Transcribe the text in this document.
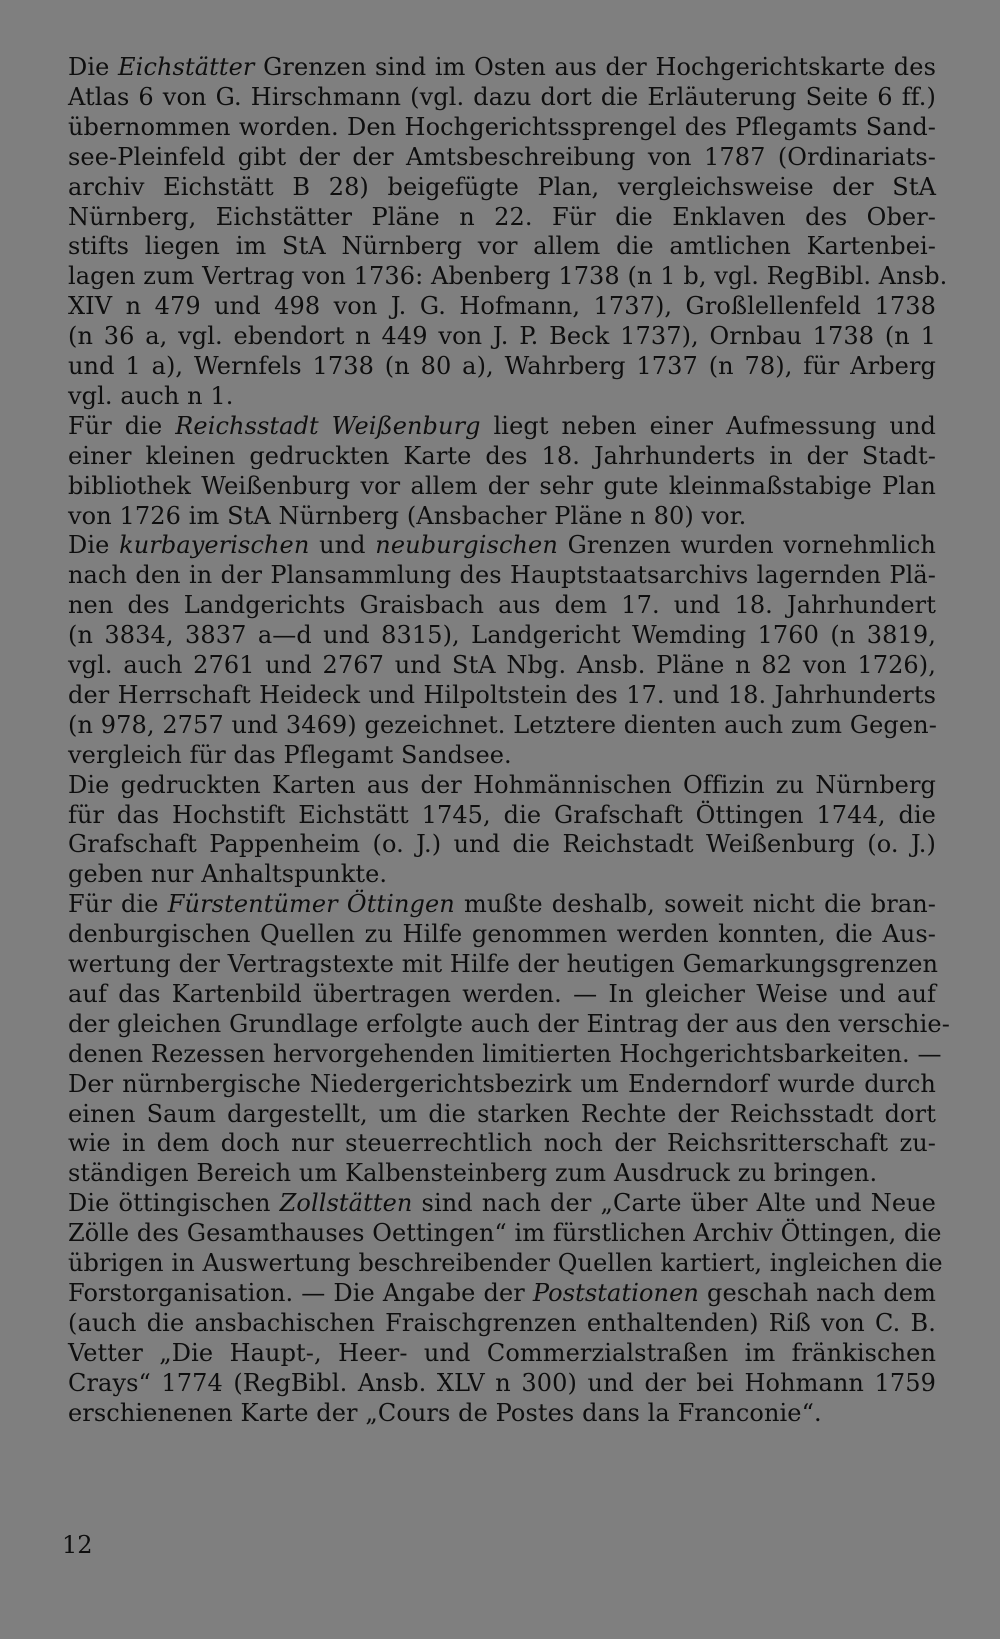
Die Eichstätter Grenzen sind im Osten aus der Hochgerichtskarte des
Atlas 6 von G. Hirschmann (vgl. dazu dort die Erläuterung Seite 6 ff.)
übernommen worden. Den Hochgerichtssprengel des Pflegamts Sand-
see-Pleinfeld gibt der der Amtsbeschreibung von 1787 (Ordinariats-
archiv Eichstätt B 28) beigefügte Plan, vergleichsweise der StA
Nürnberg, Eichstätter Pläne n 22. Für die Enklaven des Ober-
stifts liegen im StA Nürnberg vor allem die amtlichen Kartenbei-
lagen zum Vertrag von 1736: Abenberg 1738 (n 1 b, vgl. RegBibl. Ansb.
XIV n 479 und 498 von J. G. Hofmann, 1737), Großlellenfeld 1738
(n 36 a, vgl. ebendort n 449 von J. P. Beck 1737), Ornbau 1738 (n 1
und 1 a), Wernfels 1738 (n 80 a), Wahrberg 1737 (n 78), für Arberg
vgl. auch n 1.
Für die Reichsstadt Weißenburg liegt neben einer Aufmessung und
einer kleinen gedruckten Karte des 18. Jahrhunderts in der Stadt-
bibliothek Weißenburg vor allem der sehr gute kleinmaßstabige Plan
von 1726 im StA Nürnberg (Ansbacher Pläne n 80) vor.
Die kurbayerischen und neuburgischen Grenzen wurden vornehmlich
nach den in der Plansammlung des Hauptstaatsarchivs lagernden Plä-
nen des Landgerichts Graisbach aus dem 17. und 18. Jahrhundert
(n 3834, 3837 a—d und 8315), Landgericht Wemding 1760 (n 3819,
vgl. auch 2761 und 2767 und StA Nbg. Ansb. Pläne n 82 von 1726),
der Herrschaft Heideck und Hilpoltstein des 17. und 18. Jahrhunderts
(n 978, 2757 und 3469) gezeichnet. Letztere dienten auch zum Gegen-
vergleich für das Pflegamt Sandsee.
Die gedruckten Karten aus der Hohmännischen Offizin zu Nürnberg
für das Hochstift Eichstätt 1745, die Grafschaft Öttingen 1744, die
Grafschaft Pappenheim (o. J.) und die Reichstadt Weißenburg (o. J.)
geben nur Anhaltspunkte.
Für die Fürstentümer Öttingen mußte deshalb, soweit nicht die bran-
denburgischen Quellen zu Hilfe genommen werden konnten, die Aus-
wertung der Vertragstexte mit Hilfe der heutigen Gemarkungsgrenzen
auf das Kartenbild übertragen werden. — In gleicher Weise und auf
der gleichen Grundlage erfolgte auch der Eintrag der aus den verschie-
denen Rezessen hervorgehenden limitierten Hochgerichtsbarkeiten. —
Der nürnbergische Niedergerichtsbezirk um Enderndorf wurde durch
einen Saum dargestellt, um die starken Rechte der Reichsstadt dort
wie in dem doch nur steuerrechtlich noch der Reichsritterschaft zu-
ständigen Bereich um Kalbensteinberg zum Ausdruck zu bringen.
Die öttingischen Zollstätten sind nach der „Carte über Alte und Neue
Zölle des Gesamthauses Oettingen“ im fürstlichen Archiv Öttingen, die
übrigen in Auswertung beschreibender Quellen kartiert, ingleichen die
Forstorganisation. — Die Angabe der Poststationen geschah nach dem
(auch die ansbachischen Fraischgrenzen enthaltenden) Riß von C. B.
Vetter „Die Haupt-, Heer- und Commerzialstraßen im fränkischen
Crays“ 1774 (RegBibl. Ansb. XLV n 300) und der bei Hohmann 1759
erschienenen Karte der „Cours de Postes dans la Franconie“.
12
